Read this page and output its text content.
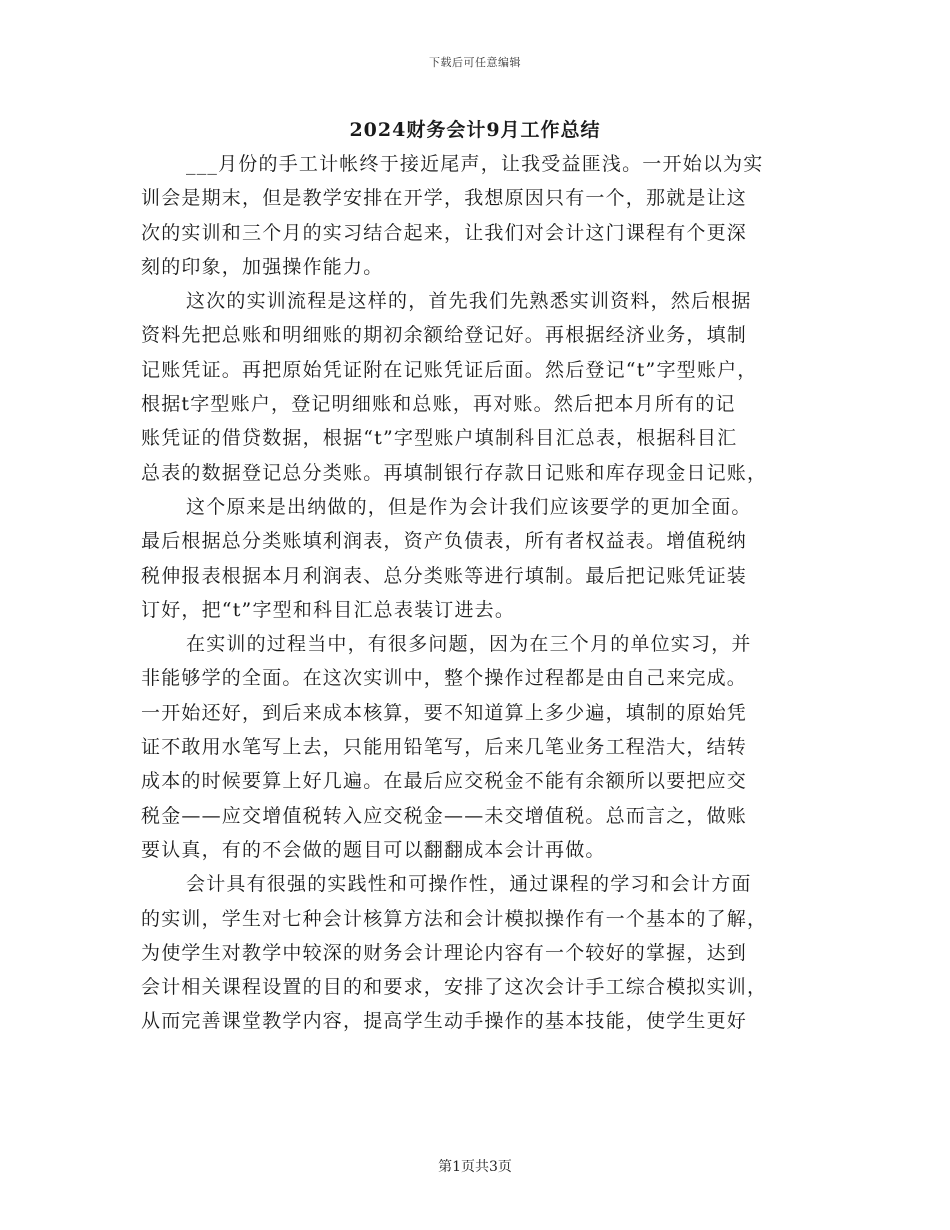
下载后可任意编辑
2024财务会计9月工作总结
___月份的手工计帐终于接近尾声，让我受益匪浅。一开始以为实
训会是期末，但是教学安排在开学，我想原因只有一个，那就是让这
次的实训和三个月的实习结合起来，让我们对会计这门课程有个更深
刻的印象，加强操作能力。
这次的实训流程是这样的，首先我们先熟悉实训资料，然后根据
资料先把总账和明细账的期初余额给登记好。再根据经济业务，填制
记账凭证。再把原始凭证附在记账凭证后面。然后登记“t”字型账户，
根据t字型账户，登记明细账和总账，再对账。然后把本月所有的记
账凭证的借贷数据，根据“t”字型账户填制科目汇总表，根据科目汇
总表的数据登记总分类账。再填制银行存款日记账和库存现金日记账，
这个原来是出纳做的，但是作为会计我们应该要学的更加全面。
最后根据总分类账填利润表，资产负债表，所有者权益表。增值税纳
税伸报表根据本月利润表、总分类账等进行填制。最后把记账凭证装
订好，把“t”字型和科目汇总表装订进去。
在实训的过程当中，有很多问题，因为在三个月的单位实习，并
非能够学的全面。在这次实训中，整个操作过程都是由自己来完成。
一开始还好，到后来成本核算，要不知道算上多少遍，填制的原始凭
证不敢用水笔写上去，只能用铅笔写，后来几笔业务工程浩大，结转
成本的时候要算上好几遍。在最后应交税金不能有余额所以要把应交
税金——应交增值税转入应交税金——未交增值税。总而言之，做账
要认真，有的不会做的题目可以翻翻成本会计再做。
会计具有很强的实践性和可操作性，通过课程的学习和会计方面
的实训，学生对七种会计核算方法和会计模拟操作有一个基本的了解，
为使学生对教学中较深的财务会计理论内容有一个较好的掌握，达到
会计相关课程设置的目的和要求，安排了这次会计手工综合模拟实训，
从而完善课堂教学内容，提高学生动手操作的基本技能，使学生更好
第1页共3页
